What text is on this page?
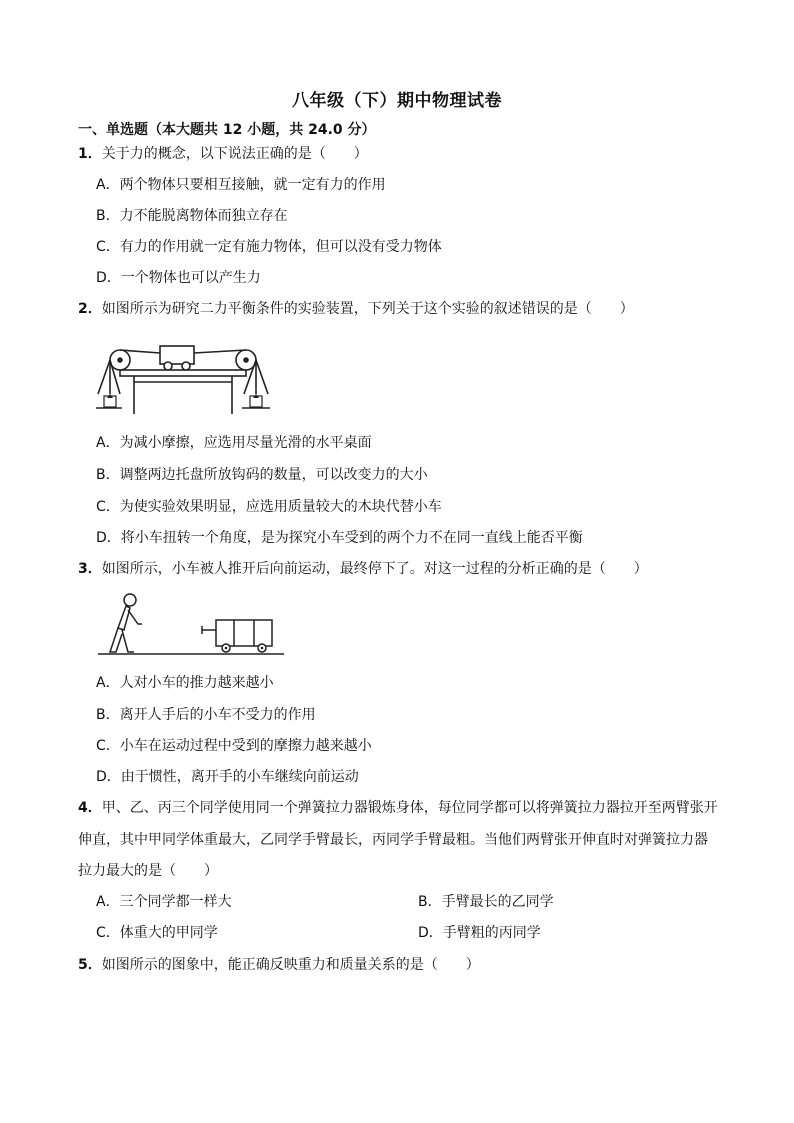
八年级（下）期中物理试卷
一、单选题（本大题共 12 小题，共 24.0 分）
1．关于力的概念，以下说法正确的是（　　）
A．两个物体只要相互接触，就一定有力的作用
B．力不能脱离物体而独立存在
C．有力的作用就一定有施力物体，但可以没有受力物体
D．一个物体也可以产生力
2．如图所示为研究二力平衡条件的实验装置，下列关于这个实验的叙述错误的是（　　）
A．为减小摩擦，应选用尽量光滑的水平桌面
B．调整两边托盘所放钩码的数量，可以改变力的大小
C．为使实验效果明显，应选用质量较大的木块代替小车
D．将小车扭转一个角度，是为探究小车受到的两个力不在同一直线上能否平衡
3．如图所示，小车被人推开后向前运动，最终停下了。对这一过程的分析正确的是（　　）
A．人对小车的推力越来越小
B．离开人手后的小车不受力的作用
C．小车在运动过程中受到的摩擦力越来越小
D．由于惯性，离开手的小车继续向前运动
4．甲、乙、丙三个同学使用同一个弹簧拉力器锻炼身体，每位同学都可以将弹簧拉力器拉开至两臂张开
伸直，其中甲同学体重最大，乙同学手臂最长，丙同学手臂最粗。当他们两臂张开伸直时对弹簧拉力器
拉力最大的是（　　）
A．三个同学都一样大	B．手臂最长的乙同学
C．体重大的甲同学	D．手臂粗的丙同学
5．如图所示的图象中，能正确反映重力和质量关系的是（　　）
